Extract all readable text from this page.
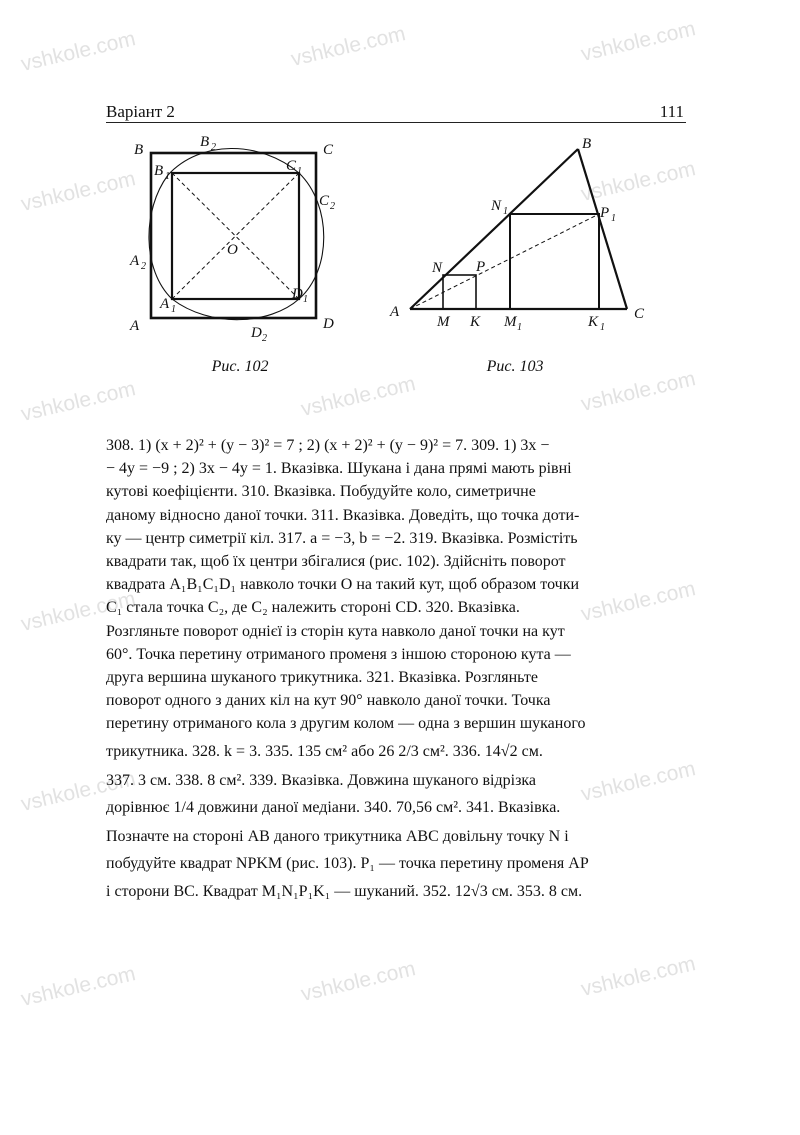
vshkole.com	vshkole.com	vshkole.com
vshkole.com	vshkole.com
vshkole.com	vshkole.com	vshkole.com
vshkole.com	vshkole.com
vshkole.com	vshkole.com
vshkole.com	vshkole.com	vshkole.com
Варіант 2	111
B	C
A	D
B 2
B 1
C 1
C 2
A 2
A 1
D 1
D 2
O
Рис. 102
A
B
C
N P
M K
N 1	P 1
M 1	K 1
Рис. 103
308. 1) (x + 2)² + (y − 3)² = 7 ; 2) (x + 2)² + (y − 9)² = 7. 309. 1) 3x −
− 4y = −9 ; 2) 3x − 4y = 1. Вказівка. Шукана і дана прямі мають рівні
кутові коефіцієнти. 310. Вказівка. Побудуйте коло, симетричне
даному відносно даної точки. 311. Вказівка. Доведіть, що точка доти-
ку — центр симетрії кіл. 317. a = −3, b = −2. 319. Вказівка. Розмістіть
квадрати так, щоб їх центри збігалися (рис. 102). Здійсніть поворот
квадрата A₁B₁C₁D₁ навколо точки O на такий кут, щоб образом точки
C₁ стала точка C₂, де C₂ належить стороні CD. 320. Вказівка.
Розгляньте поворот однієї із сторін кута навколо даної точки на кут
60°. Точка перетину отриманого променя з іншою стороною кута —
друга вершина шуканого трикутника. 321. Вказівка. Розгляньте
поворот одного з даних кіл на кут 90° навколо даної точки. Точка
перетину отриманого кола з другим колом — одна з вершин шуканого
трикутника. 328. k = 3. 335. 135 см² або 26 2/3 см². 336. 14√2 см.
337. 3 см. 338. 8 см². 339. Вказівка. Довжина шуканого відрізка
дорівнює 1/4 довжини даної медіани. 340. 70,56 см². 341. Вказівка.
Позначте на стороні AB даного трикутника ABC довільну точку N і
побудуйте квадрат NPKM (рис. 103). P₁ — точка перетину променя AP
і сторони BC. Квадрат M₁N₁P₁K₁ — шуканий. 352. 12√3 см. 353. 8 см.
